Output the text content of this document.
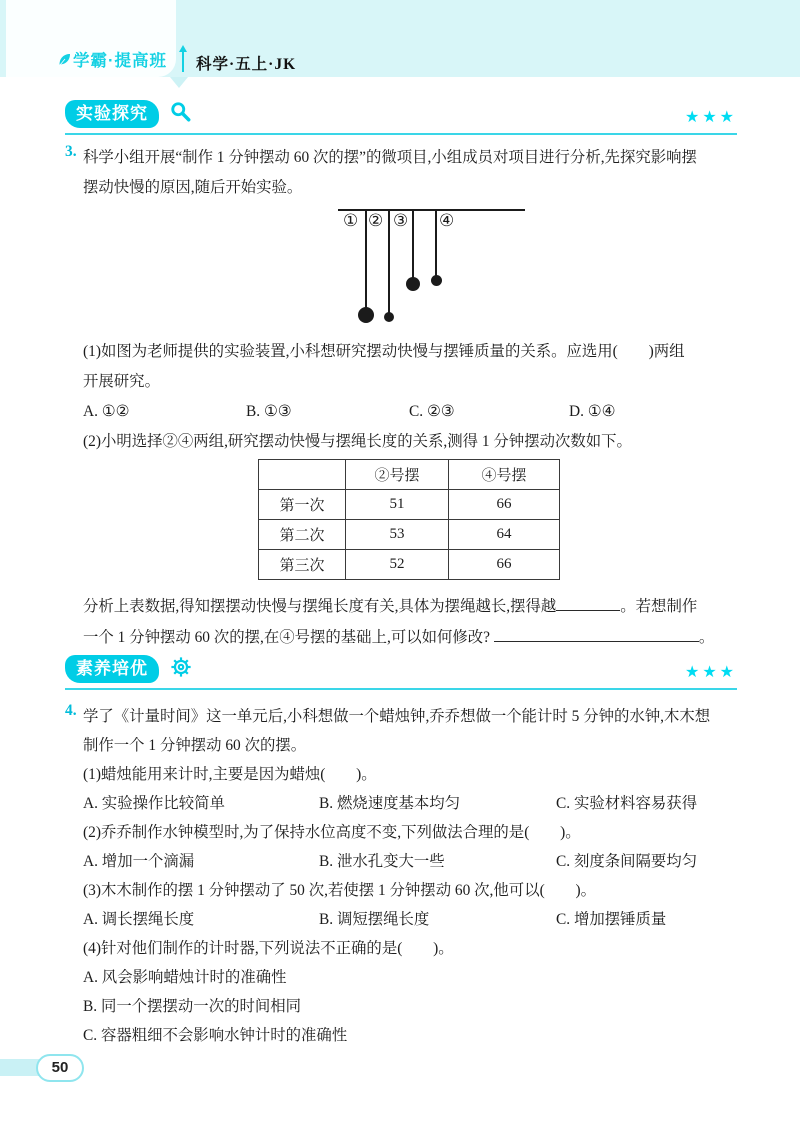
学霸·提高班 科学·五上·JK
实验探究	★★★
3. 科学小组开展“制作 1 分钟摆动 60 次的摆”的微项目,小组成员对项目进行分析,先探究影响摆
摆动快慢的原因,随后开始实验。
① ② ③ ④
(1)如图为老师提供的实验装置,小科想研究摆动快慢与摆锤质量的关系。应选用(　　)两组
开展研究。
A. ①②	B. ①③	C. ②③	D. ①④
(2)小明选择②④两组,研究摆动快慢与摆绳长度的关系,测得 1 分钟摆动次数如下。
	②号摆	④号摆
第一次	51	66
第二次	53	64
第三次	52	66
分析上表数据,得知摆摆动快慢与摆绳长度有关,具体为摆绳越长,摆得越	。若想制作
一个 1 分钟摆动 60 次的摆,在④号摆的基础上,可以如何修改?	。
素养培优	★★★
4. 学了《计量时间》这一单元后,小科想做一个蜡烛钟,乔乔想做一个能计时 5 分钟的水钟,木木想
制作一个 1 分钟摆动 60 次的摆。
(1)蜡烛能用来计时,主要是因为蜡烛(　　)。
A. 实验操作比较简单	B. 燃烧速度基本均匀	C. 实验材料容易获得
(2)乔乔制作水钟模型时,为了保持水位高度不变,下列做法合理的是(　　)。
A. 增加一个滴漏	B. 泄水孔变大一些	C. 刻度条间隔要均匀
(3)木木制作的摆 1 分钟摆动了 50 次,若使摆 1 分钟摆动 60 次,他可以(　　)。
A. 调长摆绳长度	B. 调短摆绳长度	C. 增加摆锤质量
(4)针对他们制作的计时器,下列说法不正确的是(　　)。
A. 风会影响蜡烛计时的准确性
B. 同一个摆摆动一次的时间相同
C. 容器粗细不会影响水钟计时的准确性
50
